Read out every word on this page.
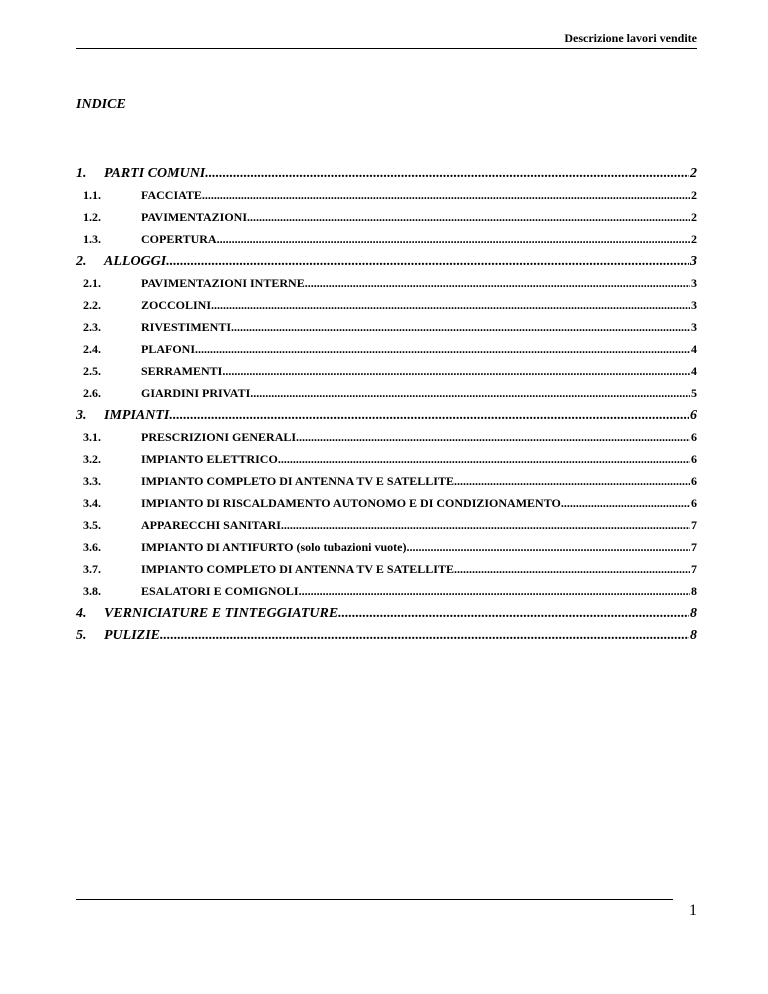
Descrizione lavori vendite
INDICE
1.	PARTI COMUNI .....	2
1.1.	FACCIATE .....	2
1.2.	PAVIMENTAZIONI .....	2
1.3.	COPERTURA .....	2
2.	ALLOGGI .....	3
2.1.	PAVIMENTAZIONI INTERNE .....	3
2.2.	ZOCCOLINI .....	3
2.3.	RIVESTIMENTI .....	3
2.4.	PLAFONI .....	4
2.5.	SERRAMENTI .....	4
2.6.	GIARDINI PRIVATI .....	5
3.	IMPIANTI .....	6
3.1.	PRESCRIZIONI GENERALI .....	6
3.2.	IMPIANTO ELETTRICO .....	6
3.3.	IMPIANTO COMPLETO DI ANTENNA TV E SATELLITE .....	6
3.4.	IMPIANTO DI RISCALDAMENTO AUTONOMO E DI CONDIZIONAMENTO .....	6
3.5.	APPARECCHI SANITARI .....	7
3.6.	IMPIANTO DI ANTIFURTO (solo tubazioni vuote) .....	7
3.7.	IMPIANTO COMPLETO DI ANTENNA TV E SATELLITE .....	7
3.8.	ESALATORI E COMIGNOLI .....	8
4.	VERNICIATURE E TINTEGGIATURE .....	8
5.	PULIZIE .....	8
1
